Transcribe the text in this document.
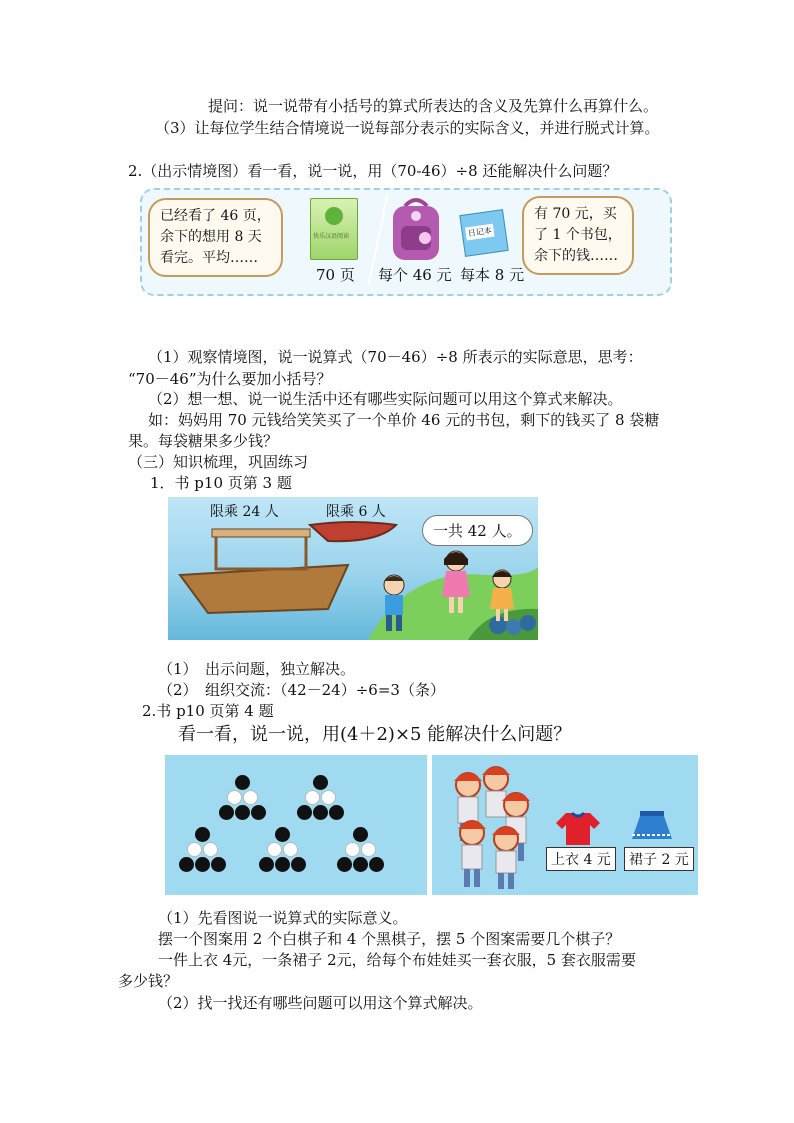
提问：说一说带有小括号的算式所表达的含义及先算什么再算什么。
（3）让每位学生结合情境说一说每部分表示的实际含义，并进行脱式计算。
2.（出示情境图）看一看，说一说，用（70-46）÷8 还能解决什么问题？
已经看了 46 页，
余下的想用 8 天
看完。平均……
快乐汉语阅读	日记本
有 70 元，买
了 1 个书包，
余下的钱……
70 页 每个 46 元 每本 8 元
（1）观察情境图，说一说算式（70－46）÷8 所表示的实际意思，思考：
“70－46”为什么要加小括号？
（2）想一想、说一说生活中还有哪些实际问题可以用这个算式来解决。
如：妈妈用 70 元钱给笑笑买了一个单价 46 元的书包，剩下的钱买了 8 袋糖
果。每袋糖果多少钱？
（三）知识梳理，巩固练习
1．书 p10 页第 3 题
限乘 24 人	限乘 6 人
一共 42 人。
（1）　出示问题，独立解决。
（2）　组织交流：（42－24）÷6=3（条）
2.书 p10 页第 4 题
看一看，说一说，用(4＋2)×5 能解决什么问题？
上衣 4 元	裙子 2 元
（1）先看图说一说算式的实际意义。
摆一个图案用 2 个白棋子和 4 个黑棋子，摆 5 个图案需要几个棋子？
一件上衣 4元，一条裙子 2元，给每个布娃娃买一套衣服，5 套衣服需要
多少钱？
（2）找一找还有哪些问题可以用这个算式解决。
